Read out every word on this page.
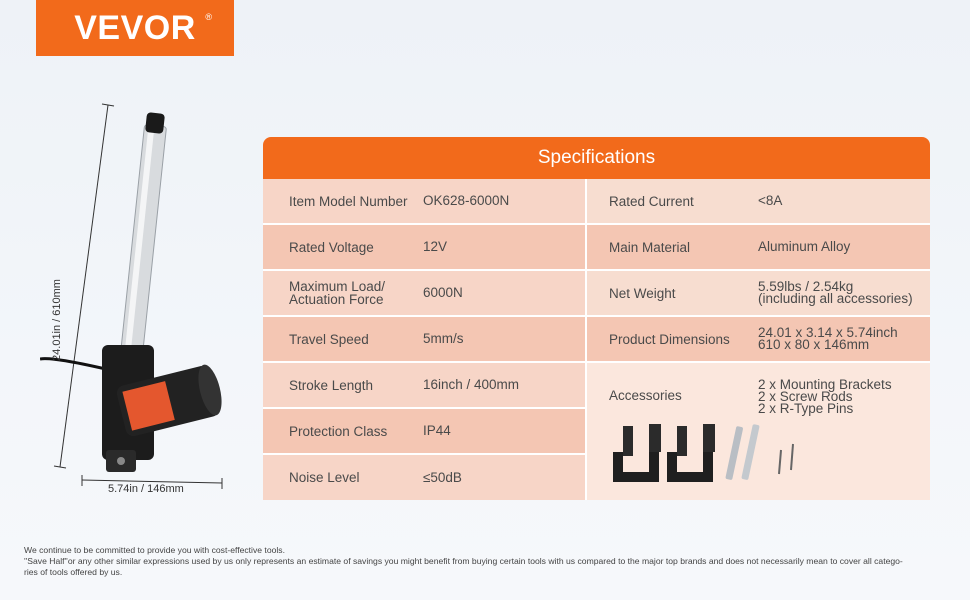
VEVOR ®
24.01in / 610mm
5.74in / 146mm
Specifications
Item Model Number OK628-6000N
Rated Voltage	12V
Maximum Load/
Actuation Force	6000N
Travel Speed	5mm/s
Stroke Length	16inch / 400mm
Protection Class	IP44
Noise Level	≤50dB
Rated Current	<8A
Main Material	Aluminum Alloy
Net Weight	5.59lbs / 2.54kg
(including all accessories)
Product Dimensions 24.01 x 3.14 x 5.74inch
610 x 80 x 146mm
Accessories
2 x Mounting Brackets
2 x Screw Rods
2 x R-Type Pins

We continue to be committed to provide you with cost-effective tools.

''Save Half''or any other similar expressions used by us only represents an estimate of savings you might benefit from buying certain tools with us compared to the major top brands and does not necessarily mean to cover all catego-

ries of tools offered by us.
